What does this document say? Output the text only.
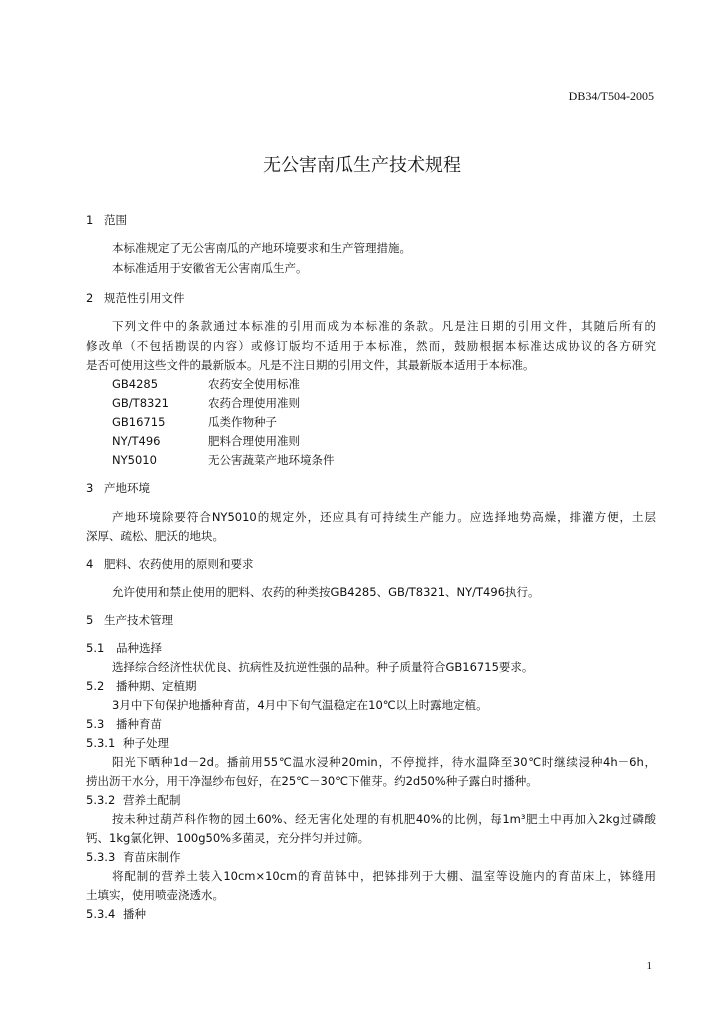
DB34/T504-2005
无公害南瓜生产技术规程
1 范围
本标准规定了无公害南瓜的产地环境要求和生产管理措施。
本标准适用于安徽省无公害南瓜生产。
2 规范性引用文件
下列文件中的条款通过本标准的引用而成为本标准的条款。凡是注日期的引用文件，其随后所有的
修改单（不包括勘误的内容）或修订版均不适用于本标准，然而，鼓励根据本标准达成协议的各方研究
是否可使用这些文件的最新版本。凡是不注日期的引用文件，其最新版本适用于本标准。
GB4285	农药安全使用标准
GB/T8321	农药合理使用准则
GB16715	瓜类作物种子
NY/T496	肥料合理使用准则
NY5010	无公害蔬菜产地环境条件
3 产地环境
产地环境除要符合NY5010的规定外，还应具有可持续生产能力。应选择地势高燥，排灌方便，土层
深厚、疏松、肥沃的地块。
4 肥料、农药使用的原则和要求
允许使用和禁止使用的肥料、农药的种类按GB4285、GB/T8321、NY/T496执行。
5 生产技术管理
5.1 品种选择
选择综合经济性状优良、抗病性及抗逆性强的品种。种子质量符合GB16715要求。
5.2 播种期、定植期
3月中下旬保护地播种育苗，4月中下旬气温稳定在10℃以上时露地定植。
5.3 播种育苗
5.3.1 种子处理
阳光下晒种1d－2d。播前用55℃温水浸种20min，不停搅拌，待水温降至30℃时继续浸种4h－6h，
捞出沥干水分，用干净湿纱布包好，在25℃－30℃下催芽。约2d50%种子露白时播种。
5.3.2 营养土配制
按未种过葫芦科作物的园土60%、经无害化处理的有机肥40%的比例，每1m³肥土中再加入2kg过磷酸
钙、1kg氯化钾、100g50%多菌灵，充分拌匀并过筛。
5.3.3 育苗床制作
将配制的营养土装入10cm×10cm的育苗钵中，把钵排列于大棚、温室等设施内的育苗床上，钵缝用
土填实，使用喷壶浇透水。
5.3.4 播种
1
